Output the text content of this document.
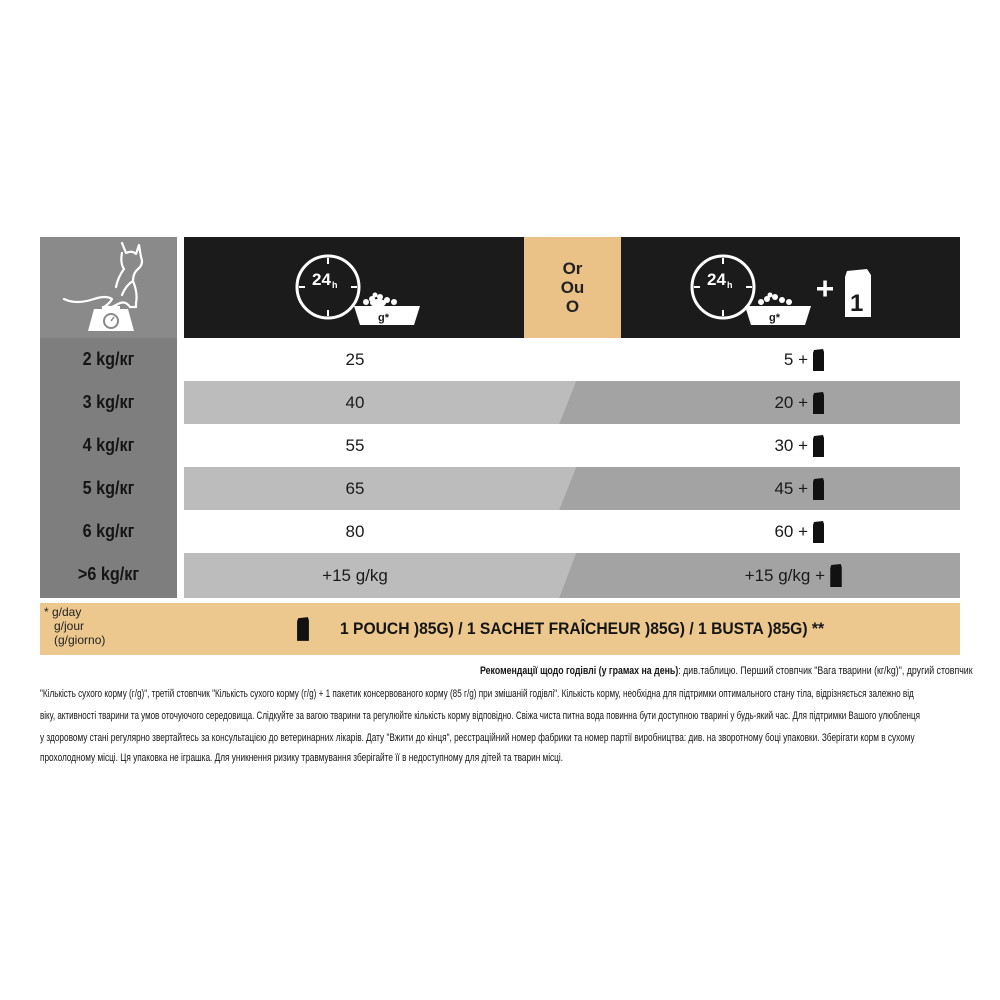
2 kg/кг
3 kg/кг
4 kg/кг
5 kg/кг
6 kg/кг
>6 kg/кг
24 h
g*
Or
Ou
O
24 h
g*
1
25
40
55
65
80
+15 g/kg
5 +
20 +
30 +
45 +
60 +
+15 g/kg +
* g/day
g/jour
(g/giorno)
1 POUCH )85G) / 1 SACHET FRAÎCHEUR )85G) / 1 BUSTA )85G) **
Рекомендації щодо годівлі (у грамах на день): див.таблицю. Перший стовпчик "Вага тварини (кг/kg)", другий стовпчик
"Кількість сухого корму (г/g)", третій стовпчик "Кількість сухого корму (г/g) + 1 пакетик консервованого корму (85 г/g) при змішаній годівлі". Кількість корму, необхідна для підтримки оптимального стану тіла, відрізняється залежно від
віку, активності тварини та умов оточуючого середовища. Слідкуйте за вагою тварини та регулюйте кількість корму відповідно. Свіжа чиста питна вода повинна бути доступною тварині у будь-який час. Для підтримки Вашого улюбленця
у здоровому стані регулярно звертайтесь за консультацією до ветеринарних лікарів. Дату "Вжити до кінця", реєстраційний номер фабрики та номер партії виробництва: див. на зворотному боці упаковки. Зберігати корм в сухому
прохолодному місці. Ця упаковка не іграшка. Для уникнення ризику травмування зберігайте її в недоступному для дітей та тварин місці.
